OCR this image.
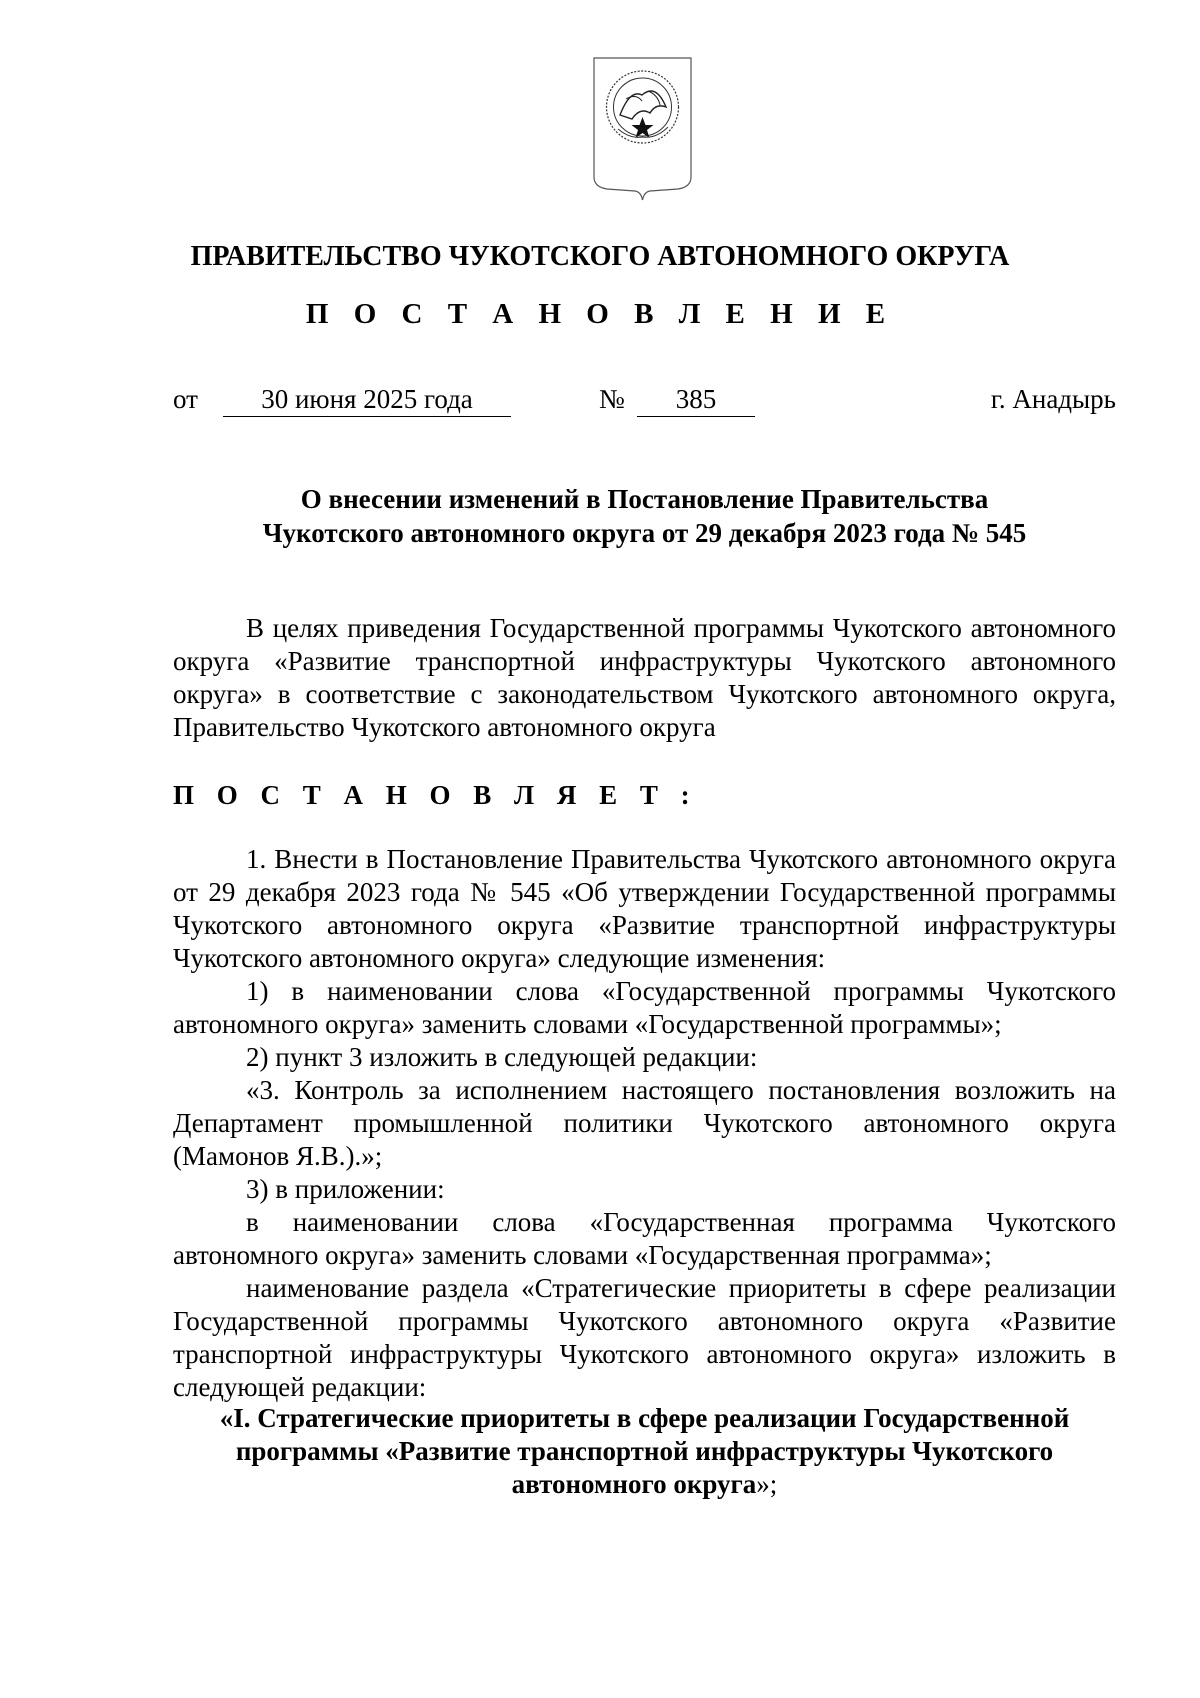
ПРАВИТЕЛЬСТВО ЧУКОТСКОГО АВТОНОМНОГО ОКРУГА
П О С Т А Н О В Л Е Н И Е
от	30 июня 2025 года	№	385	г. Анадырь
О внесении изменений в Постановление Правительства
Чукотского автономного округа от 29 декабря 2023 года № 545

В целях приведения Государственной программы Чукотского автономного округа «Развитие транспортной инфраструктуры Чукотского автономного округа» в соответствие с законодательством Чукотского автономного округа, Правительство Чукотского автономного округа

П О С Т А Н О В Л Я Е Т :

1. Внести в Постановление Правительства Чукотского автономного округа от 29 декабря 2023 года № 545 «Об утверждении Государственной программы Чукотского автономного округа «Развитие транспортной инфраструктуры Чукотского автономного округа» следующие изменения:

1) в наименовании слова «Государственной программы Чукотского автономного округа» заменить словами «Государственной программы»;

2) пункт 3 изложить в следующей редакции:

«3. Контроль за исполнением настоящего постановления возложить на Департамент промышленной политики Чукотского автономного округа (Мамонов Я.В.).»;

3) в приложении:

в наименовании слова «Государственная программа Чукотского автономного округа» заменить словами «Государственная программа»;

наименование раздела «Стратегические приоритеты в сфере реализации Государственной программы Чукотского автономного округа «Развитие транспортной инфраструктуры Чукотского автономного округа» изложить в следующей редакции:

«I. Стратегические приоритеты в сфере реализации Государственной
программы «Развитие транспортной инфраструктуры Чукотского
автономного округа»;
